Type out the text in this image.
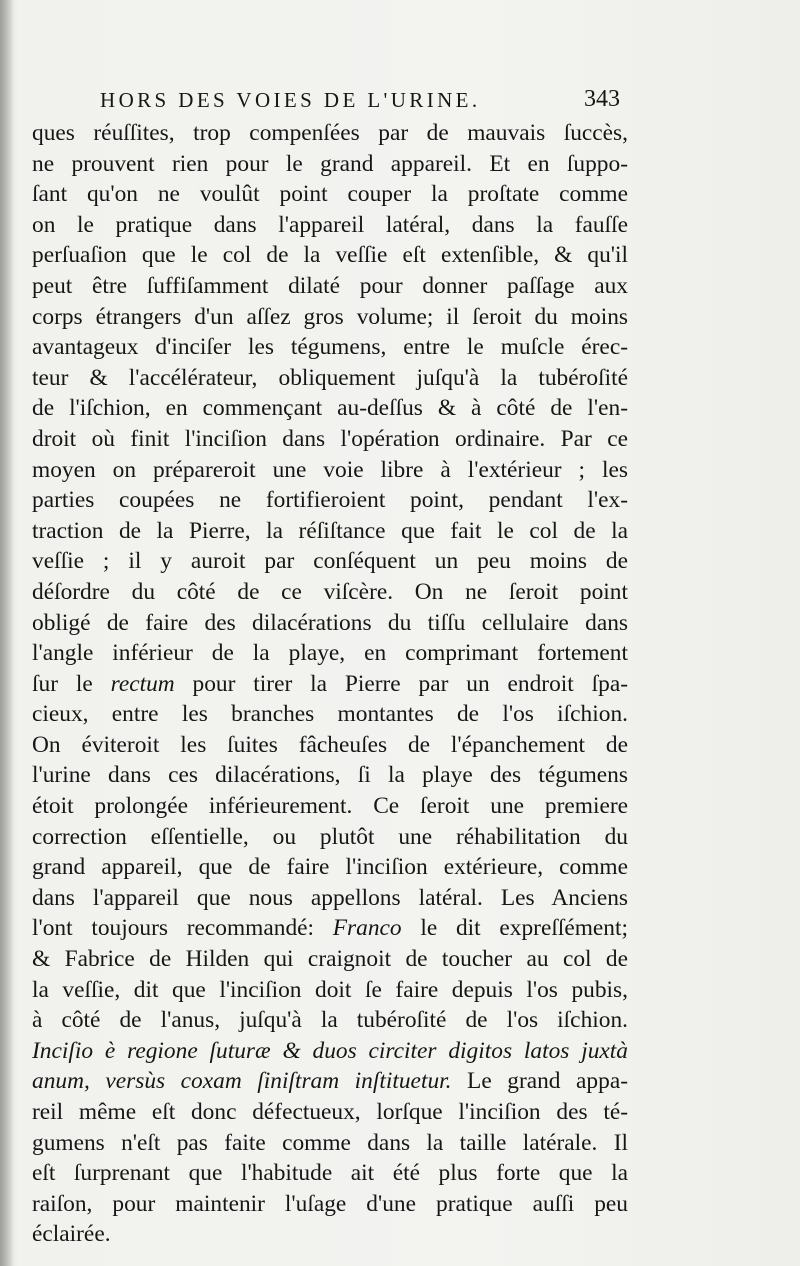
HORS DES VOIES DE L'URINE.	343
ques réuſſites, trop compenſées par de mauvais ſuccès,
ne prouvent rien pour le grand appareil. Et en ſuppo-
ſant qu'on ne voulût point couper la proſtate comme
on le pratique dans l'appareil latéral, dans la fauſſe
perſuaſion que le col de la veſſie eſt extenſible, & qu'il
peut être ſuffiſamment dilaté pour donner paſſage aux
corps étrangers d'un aſſez gros volume; il ſeroit du moins
avantageux d'inciſer les tégumens, entre le muſcle érec-
teur & l'accélérateur, obliquement juſqu'à la tubéroſité
de l'iſchion, en commençant au-deſſus & à côté de l'en-
droit où finit l'inciſion dans l'opération ordinaire. Par ce
moyen on prépareroit une voie libre à l'extérieur ; les
parties coupées ne fortifieroient point, pendant l'ex-
traction de la Pierre, la réſiſtance que fait le col de la
veſſie ; il y auroit par conſéquent un peu moins de
déſordre du côté de ce viſcère. On ne ſeroit point
obligé de faire des dilacérations du tiſſu cellulaire dans
l'angle inférieur de la playe, en comprimant fortement
ſur le rectum pour tirer la Pierre par un endroit ſpa-
cieux, entre les branches montantes de l'os iſchion.
On éviteroit les ſuites fâcheuſes de l'épanchement de
l'urine dans ces dilacérations, ſi la playe des tégumens
étoit prolongée inférieurement. Ce ſeroit une premiere
correction eſſentielle, ou plutôt une réhabilitation du
grand appareil, que de faire l'inciſion extérieure, comme
dans l'appareil que nous appellons latéral. Les Anciens
l'ont toujours recommandé: Franco le dit expreſſément;
& Fabrice de Hilden qui craignoit de toucher au col de
la veſſie, dit que l'inciſion doit ſe faire depuis l'os pubis,
à côté de l'anus, juſqu'à la tubéroſité de l'os iſchion.
Inciſio è regione ſuturæ & duos circiter digitos latos juxtà
anum, versùs coxam ſiniſtram inſtituetur. Le grand appa-
reil même eſt donc défectueux, lorſque l'inciſion des té-
gumens n'eſt pas faite comme dans la taille latérale. Il
eſt ſurprenant que l'habitude ait été plus forte que la
raiſon, pour maintenir l'uſage d'une pratique auſſi peu
éclairée.
